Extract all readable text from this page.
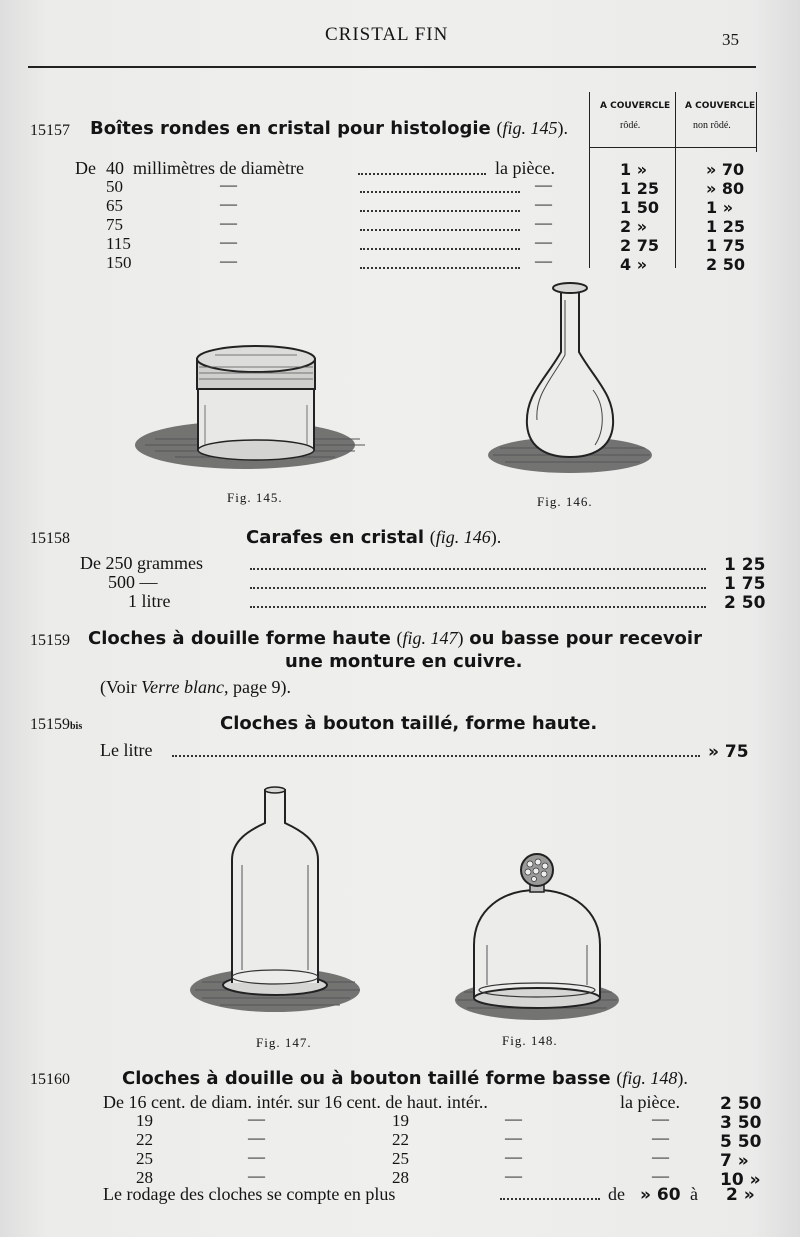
CRISTAL FIN	35
A COUVERCLE
rôdé.
A COUVERCLE
non rôdé.
15157 Boîtes rondes en cristal pour histologie (fig. 145).
De 40 millimètres de diamètre	la pièce.	1 »	» 70
50	—	—	1 25	» 80
65	—	—	1 50	1 »
75	—	—	2 »	1 25
115	—	—	2 75	1 75
150	—	—	4 »	2 50
Fig. 145.	Fig. 146.
15158	Carafes en cristal (fig. 146).
De 250 grammes	1 25
500 —	1 75
1 litre	2 50
15159 Cloches à douille forme haute (fig. 147) ou basse pour recevoir
une monture en cuivre.
(Voir Verre blanc, page 9).
15159bis	Cloches à bouton taillé, forme haute.
Le litre	» 75
Fig. 147.	Fig. 148.
15160	Cloches à douille ou à bouton taillé forme basse (fig. 148).
De 16 cent. de diam. intér. sur 16 cent. de haut. intér..	la pièce. 2 50
19	—	19	—	—	3 50
22	—	22	—	—	5 50
25	—	25	—	—	7 »
28	—	28	—	—	10 »
Le rodage des cloches se compte en plus	de » 60 à 2 »
